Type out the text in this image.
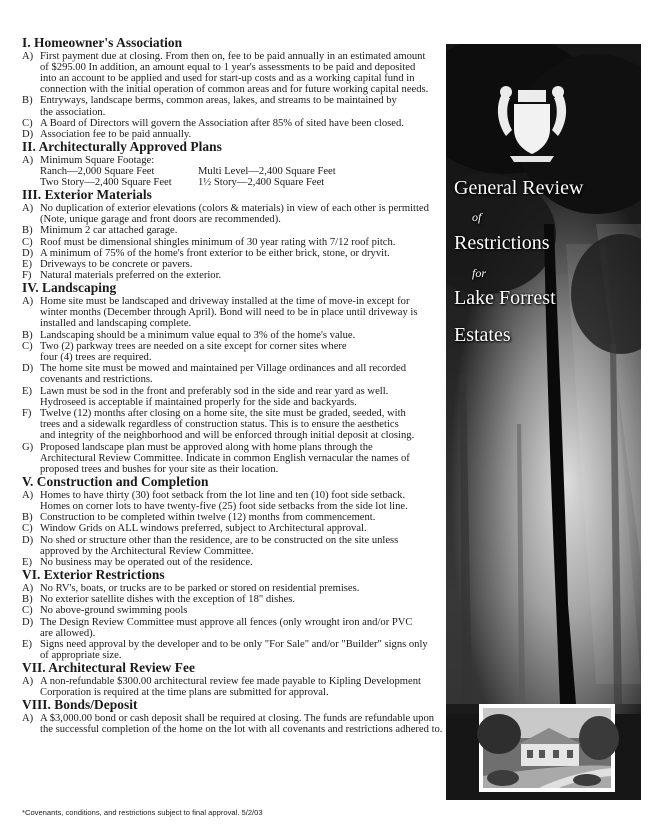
I. Homeowner's Association
A) First payment due at closing. From then on, fee to be paid annually in an estimated amount
of $295.00 In addition, an amount equal to 1 year's assessments to be paid and deposited
into an account to be applied and used for start-up costs and as a working capital fund in
connection with the initial operation of common areas and for future working capital needs.
B) Entryways, landscape berms, common areas, lakes, and streams to be maintained by
the association.
C) A Board of Directors will govern the Association after 85% of sited have been closed.
D) Association fee to be paid annually.
II. Architecturally Approved Plans
A) Minimum Square Footage:
Ranch—2,000 Square Feet	Multi Level—2,400 Square Feet
Two Story—2,400 Square Feet	1½ Story—2,400 Square Feet
III. Exterior Materials
A) No duplication of exterior elevations (colors & materials) in view of each other is permitted
(Note, unique garage and front doors are recommended).
B) Minimum 2 car attached garage.
C) Roof must be dimensional shingles minimum of 30 year rating with 7/12 roof pitch.
D) A minimum of 75% of the home's front exterior to be either brick, stone, or dryvit.
E) Driveways to be concrete or pavers.
F) Natural materials preferred on the exterior.
IV. Landscaping
A) Home site must be landscaped and driveway installed at the time of move-in except for
winter months (December through April). Bond will need to be in place until driveway is
installed and landscaping complete.
B) Landscaping should be a minimum value equal to 3% of the home's value.
C) Two (2) parkway trees are needed on a site except for corner sites where
four (4) trees are required.
D) The home site must be mowed and maintained per Village ordinances and all recorded
covenants and restrictions.
E) Lawn must be sod in the front and preferably sod in the side and rear yard as well.
Hydroseed is acceptable if maintained properly for the side and backyards.
F) Twelve (12) months after closing on a home site, the site must be graded, seeded, with
trees and a sidewalk regardless of construction status. This is to ensure the aesthetics
and integrity of the neighborhood and will be enforced through initial deposit at closing.
G) Proposed landscape plan must be approved along with home plans through the
Architectural Review Committee. Indicate in common English vernacular the names of
proposed trees and bushes for your site as their location.
V. Construction and Completion
A) Homes to have thirty (30) foot setback from the lot line and ten (10) foot side setback.
Homes on corner lots to have twenty-five (25) foot side setbacks from the side lot line.
B) Construction to be completed within twelve (12) months from commencement.
C) Window Grids on ALL windows preferred, subject to Architectural approval.
D) No shed or structure other than the residence, are to be constructed on the site unless
approved by the Architectural Review Committee.
E) No business may be operated out of the residence.
VI. Exterior Restrictions
A) No RV's, boats, or trucks are to be parked or stored on residential premises.
B) No exterior satellite dishes with the exception of 18" dishes.
C) No above-ground swimming pools
D) The Design Review Committee must approve all fences (only wrought iron and/or PVC
are allowed).
E) Signs need approval by the developer and to be only "For Sale" and/or "Builder" signs only
of appropriate size.
VII. Architectural Review Fee
A) A non-refundable $300.00 architectural review fee made payable to Kipling Development
Corporation is required at the time plans are submitted for approval.
VIII. Bonds/Deposit
A) A $3,000.00 bond or cash deposit shall be required at closing. The funds are refundable upon
the successful completion of the home on the lot with all covenants and restrictions adhered to.
General Review
of
Restrictions
for
Lake Forrest
Estates
*Covenants, conditions, and restrictions subject to final approval. 5/2/03
